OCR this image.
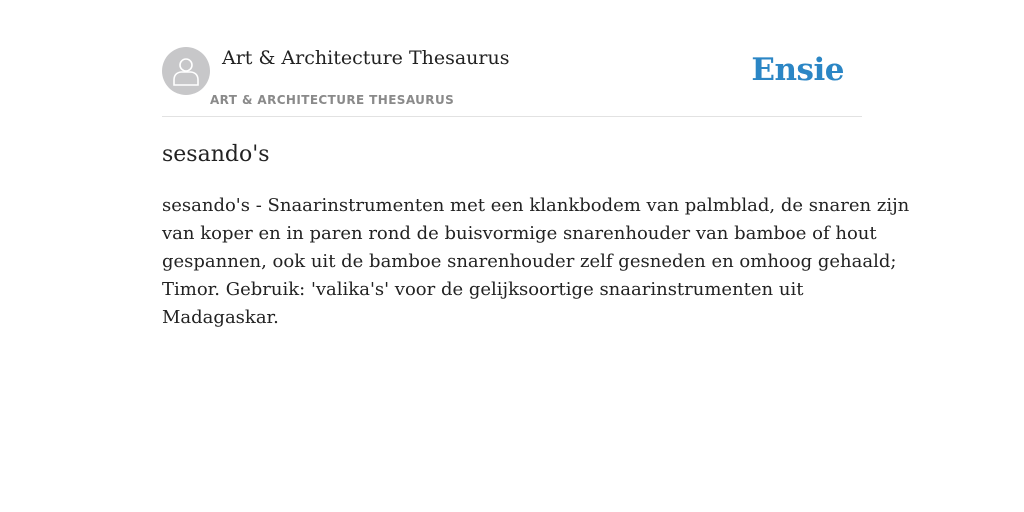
Art & Architecture Thesaurus
ART & ARCHITECTURE THESAURUS
Ensie
sesando's
sesando's - Snaarinstrumenten met een klankbodem van palmblad, de snaren zijn
van koper en in paren rond de buisvormige snarenhouder van bamboe of hout
gespannen, ook uit de bamboe snarenhouder zelf gesneden en omhoog gehaald;
Timor. Gebruik: 'valika's' voor de gelijksoortige snaarinstrumenten uit
Madagaskar.
